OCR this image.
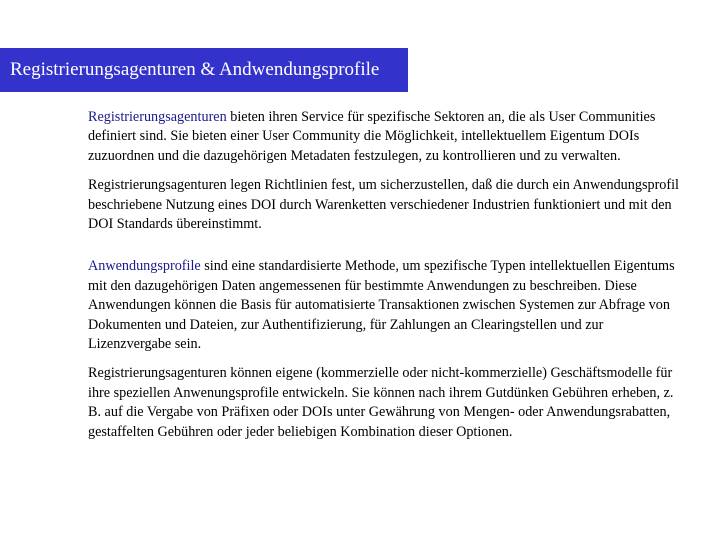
Registrierungsagenturen & Andwendungsprofile

Registrierungsagenturen bieten ihren Service für spezifische Sektoren an, die als User Communities definiert sind. Sie bieten einer User Community die Möglichkeit, intellektuellem Eigentum DOIs zuzuordnen und die dazugehörigen Metadaten festzulegen, zu kontrollieren und zu verwalten.

Registrierungsagenturen legen Richtlinien fest, um sicherzustellen, daß die durch ein Anwendungsprofil beschriebene Nutzung eines DOI durch Warenketten verschiedener Industrien funktioniert und mit den DOI Standards übereinstimmt.

Anwendungsprofile sind eine standardisierte Methode, um spezifische Typen intellektuellen Eigentums mit den dazugehörigen Daten angemessenen für bestimmte Anwendungen zu beschreiben. Diese Anwendungen können die Basis für automatisierte Transaktionen zwischen Systemen zur Abfrage von Dokumenten und Dateien, zur Authentifizierung, für Zahlungen an Clearingstellen und zur Lizenzvergabe sein.

Registrierungsagenturen können eigene (kommerzielle oder nicht-kommerzielle) Geschäftsmodelle für ihre speziellen Anwenungsprofile entwickeln. Sie können nach ihrem Gutdünken Gebühren erheben, z. B. auf die Vergabe von Präfixen oder DOIs unter Gewährung von Mengen- oder Anwendungsrabatten, gestaffelten Gebühren oder jeder beliebigen Kombination dieser Optionen.
